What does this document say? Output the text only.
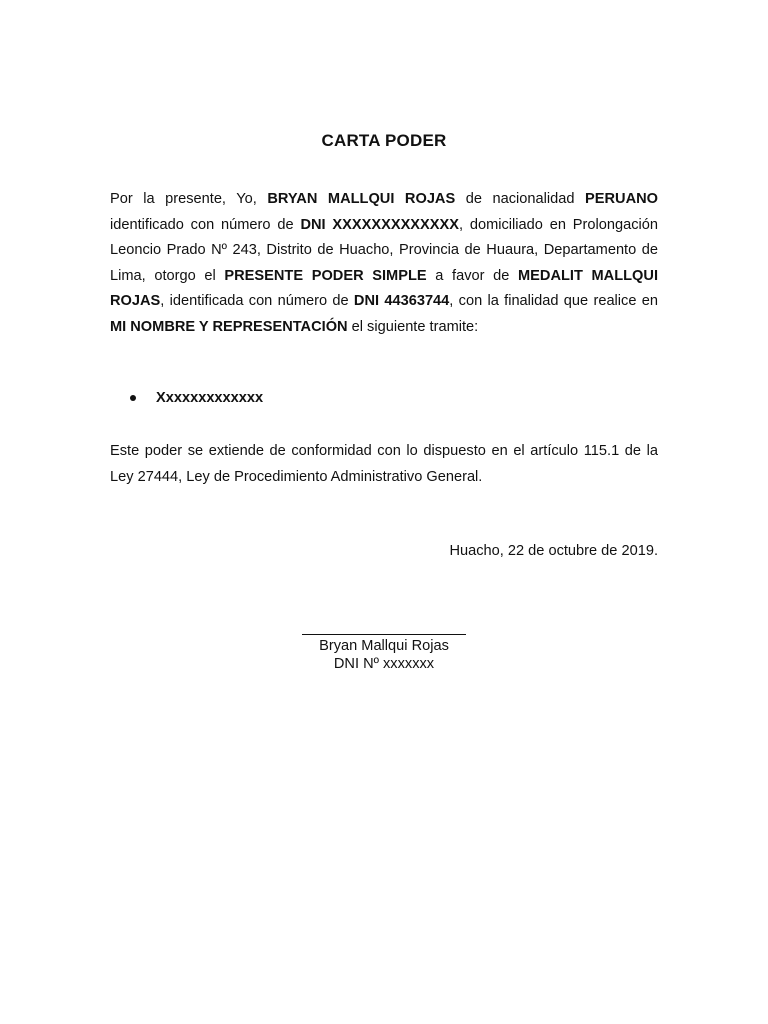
CARTA PODER
Por la presente, Yo, BRYAN MALLQUI ROJAS de nacionalidad PERUANO identificado con número de DNI XXXXXXXXXXXXX, domiciliado en Prolongación Leoncio Prado Nº 243, Distrito de Huacho, Provincia de Huaura, Departamento de Lima, otorgo el PRESENTE PODER SIMPLE a favor de MEDALIT MALLQUI ROJAS, identificada con número de DNI 44363744, con la finalidad que realice en MI NOMBRE Y REPRESENTACIÓN el siguiente tramite:
Xxxxxxxxxxxxx
Este poder se extiende de conformidad con lo dispuesto en el artículo 115.1 de la Ley 27444, Ley de Procedimiento Administrativo General.
Huacho, 22 de octubre de 2019.
Bryan Mallqui Rojas
DNI Nº xxxxxxx
